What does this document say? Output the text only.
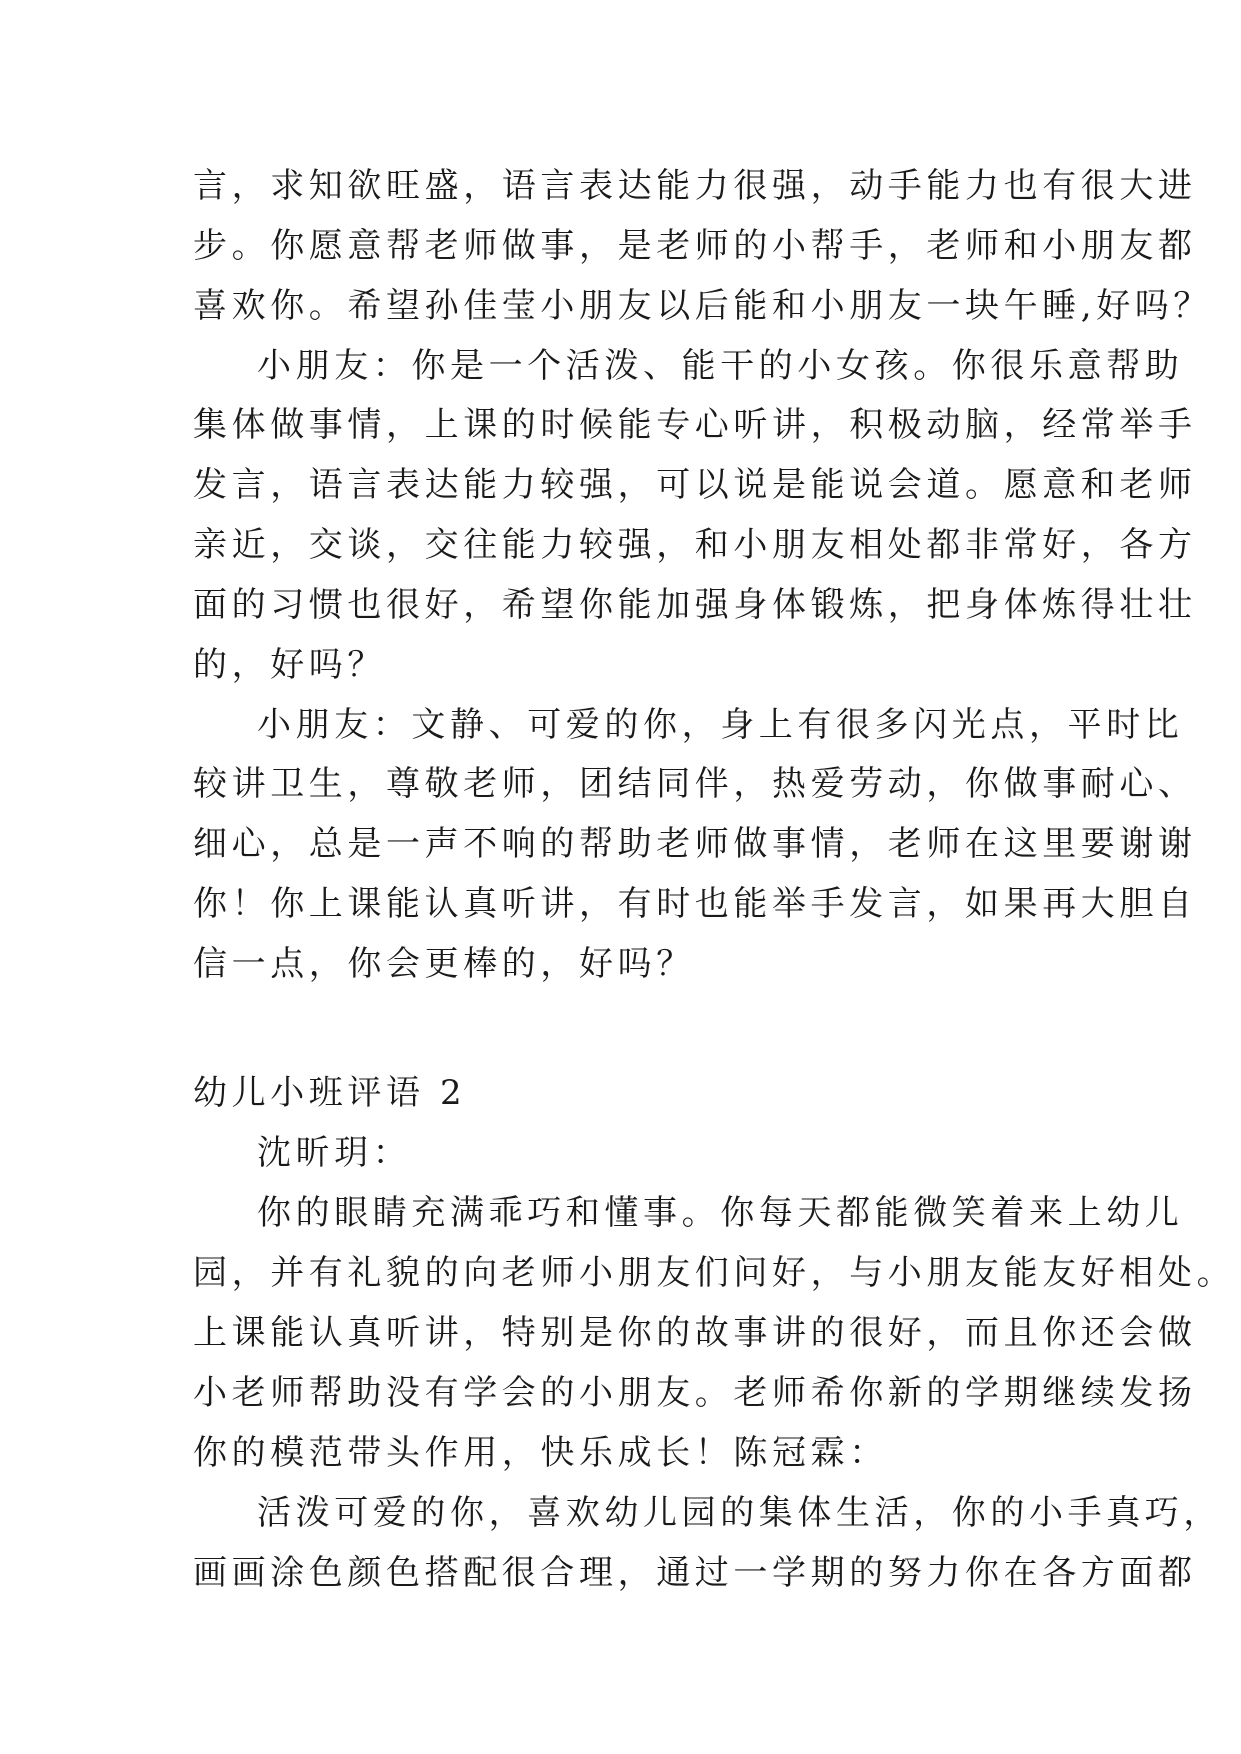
言，求知欲旺盛，语言表达能力很强，动手能力也有很大进
步。你愿意帮老师做事，是老师的小帮手，老师和小朋友都
喜欢你。希望孙佳莹小朋友以后能和小朋友一块午睡,好吗？
小朋友：你是一个活泼、能干的小女孩。你很乐意帮助
集体做事情，上课的时候能专心听讲，积极动脑，经常举手
发言，语言表达能力较强，可以说是能说会道。愿意和老师
亲近，交谈，交往能力较强，和小朋友相处都非常好，各方
面的习惯也很好，希望你能加强身体锻炼，把身体炼得壮壮
的，好吗？
小朋友：文静、可爱的你，身上有很多闪光点，平时比
较讲卫生，尊敬老师，团结同伴，热爱劳动，你做事耐心、
细心，总是一声不响的帮助老师做事情，老师在这里要谢谢
你！你上课能认真听讲，有时也能举手发言，如果再大胆自
信一点，你会更棒的，好吗？
幼儿小班评语 2
沈昕玥：
你的眼睛充满乖巧和懂事。你每天都能微笑着来上幼儿
园，并有礼貌的向老师小朋友们问好，与小朋友能友好相处。
上课能认真听讲，特别是你的故事讲的很好，而且你还会做
小老师帮助没有学会的小朋友。老师希你新的学期继续发扬
你的模范带头作用，快乐成长！陈冠霖：
活泼可爱的你，喜欢幼儿园的集体生活，你的小手真巧，
画画涂色颜色搭配很合理，通过一学期的努力你在各方面都
